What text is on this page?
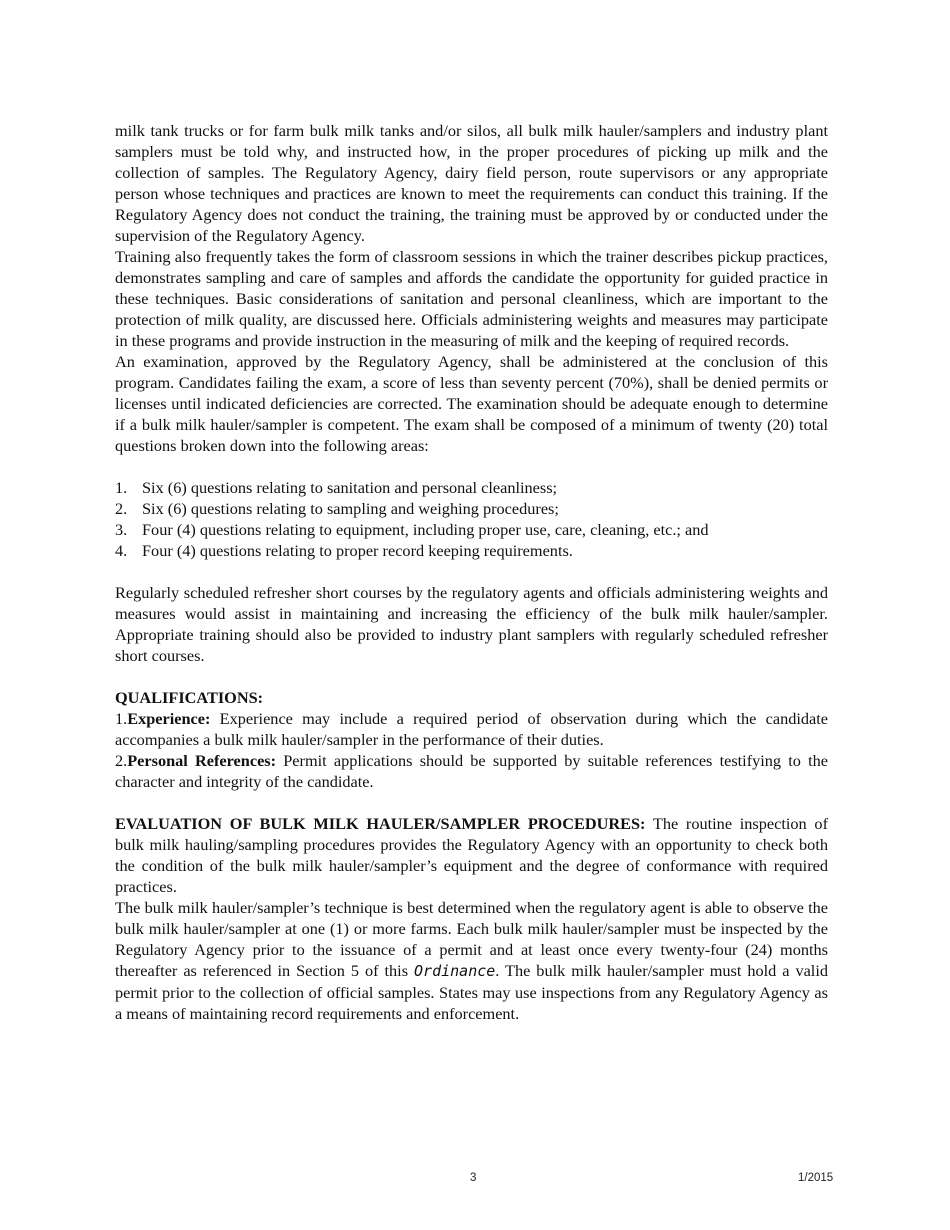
milk tank trucks or for farm bulk milk tanks and/or silos, all bulk milk hauler/samplers and industry plant samplers must be told why, and instructed how, in the proper procedures of picking up milk and the collection of samples. The Regulatory Agency, dairy field person, route supervisors or any appropriate person whose techniques and practices are known to meet the requirements can conduct this training. If the Regulatory Agency does not conduct the training, the training must be approved by or conducted under the supervision of the Regulatory Agency.

Training also frequently takes the form of classroom sessions in which the trainer describes pickup practices, demonstrates sampling and care of samples and affords the candidate the opportunity for guided practice in these techniques. Basic considerations of sanitation and personal cleanliness, which are important to the protection of milk quality, are discussed here. Officials administering weights and measures may participate in these programs and provide instruction in the measuring of milk and the keeping of required records.

An examination, approved by the Regulatory Agency, shall be administered at the conclusion of this program. Candidates failing the exam, a score of less than seventy percent (70%), shall be denied permits or licenses until indicated deficiencies are corrected. The examination should be adequate enough to determine if a bulk milk hauler/sampler is competent. The exam shall be composed of a minimum of twenty (20) total questions broken down into the following areas:

1. Six (6) questions relating to sanitation and personal cleanliness;
2. Six (6) questions relating to sampling and weighing procedures;
3. Four (4) questions relating to equipment, including proper use, care, cleaning, etc.; and
4. Four (4) questions relating to proper record keeping requirements.

Regularly scheduled refresher short courses by the regulatory agents and officials administering weights and measures would assist in maintaining and increasing the efficiency of the bulk milk hauler/sampler. Appropriate training should also be provided to industry plant samplers with regularly scheduled refresher short courses.

QUALIFICATIONS:

1.Experience: Experience may include a required period of observation during which the candidate accompanies a bulk milk hauler/sampler in the performance of their duties.

2.Personal References: Permit applications should be supported by suitable references testifying to the character and integrity of the candidate.

EVALUATION OF BULK MILK HAULER/SAMPLER PROCEDURES: The routine inspection of bulk milk hauling/sampling procedures provides the Regulatory Agency with an opportunity to check both the condition of the bulk milk hauler/sampler’s equipment and the degree of conformance with required practices.

The bulk milk hauler/sampler’s technique is best determined when the regulatory agent is able to observe the bulk milk hauler/sampler at one (1) or more farms. Each bulk milk hauler/sampler must be inspected by the Regulatory Agency prior to the issuance of a permit and at least once every twenty-four (24) months thereafter as referenced in Section 5 of this Ordinance. The bulk milk hauler/sampler must hold a valid permit prior to the collection of official samples. States may use inspections from any Regulatory Agency as a means of maintaining record requirements and enforcement.

3	1/2015
